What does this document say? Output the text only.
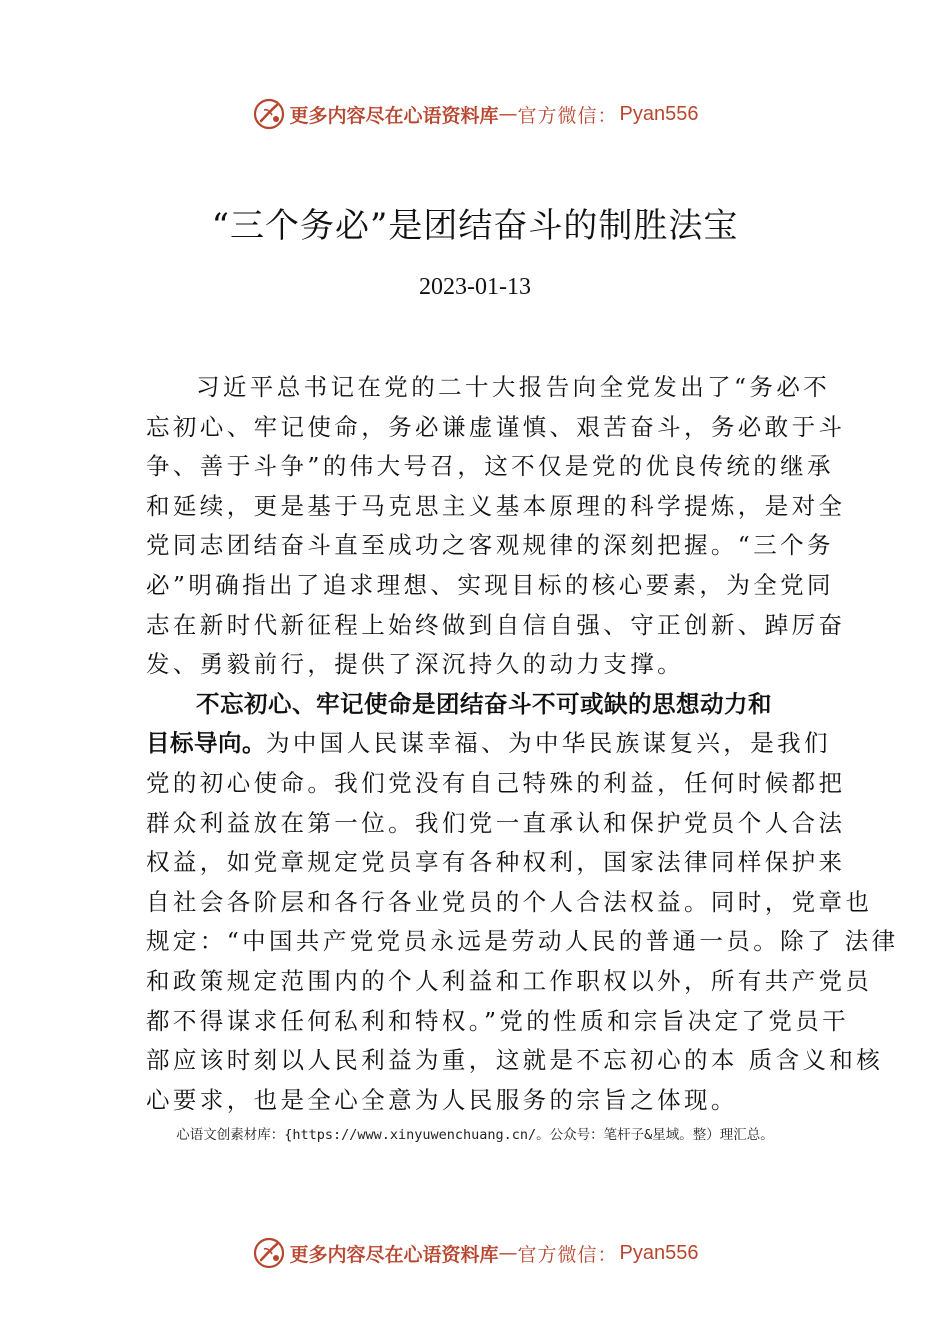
更多内容尽在心语资料库 — 官方微信： Pyan556
“三个务必”是团结奋斗的制胜法宝
2023-01-13
习近平总书记在党的二十大报告向全党发出了“务必不
忘初心、牢记使命，务必谦虚谨慎、艰苦奋斗，务必敢于斗
争、善于斗争”的伟大号召，这不仅是党的优良传统的继承
和延续，更是基于马克思主义基本原理的科学提炼，是对全
党同志团结奋斗直至成功之客观规律的深刻把握。“三个务
必”明确指出了追求理想、实现目标的核心要素，为全党同
志在新时代新征程上始终做到自信自强、守正创新、踔厉奋
发、勇毅前行，提供了深沉持久的动力支撑。
不忘初心、牢记使命是团结奋斗不可或缺的思想动力和
目标导向。为中国人民谋幸福、为中华民族谋复兴，是我们
党的初心使命。我们党没有自己特殊的利益，任何时候都把
群众利益放在第一位。我们党一直承认和保护党员个人合法
权益，如党章规定党员享有各种权利，国家法律同样保护来
自社会各阶层和各行各业党员的个人合法权益。同时，党章也
规定：“中国共产党党员永远是劳动人民的普通一员。除了 法律
和政策规定范围内的个人利益和工作职权以外，所有共产党员
都不得谋求任何私利和特权。”党的性质和宗旨决定了党员干
部应该时刻以人民利益为重，这就是不忘初心的本 质含义和核
心要求，也是全心全意为人民服务的宗旨之体现。
心语文创素材库：{https://www.xinyuwenchuang.cn/。公众号：笔杆子&星域。整）理汇总。
更多内容尽在心语资料库 — 官方微信： Pyan556
